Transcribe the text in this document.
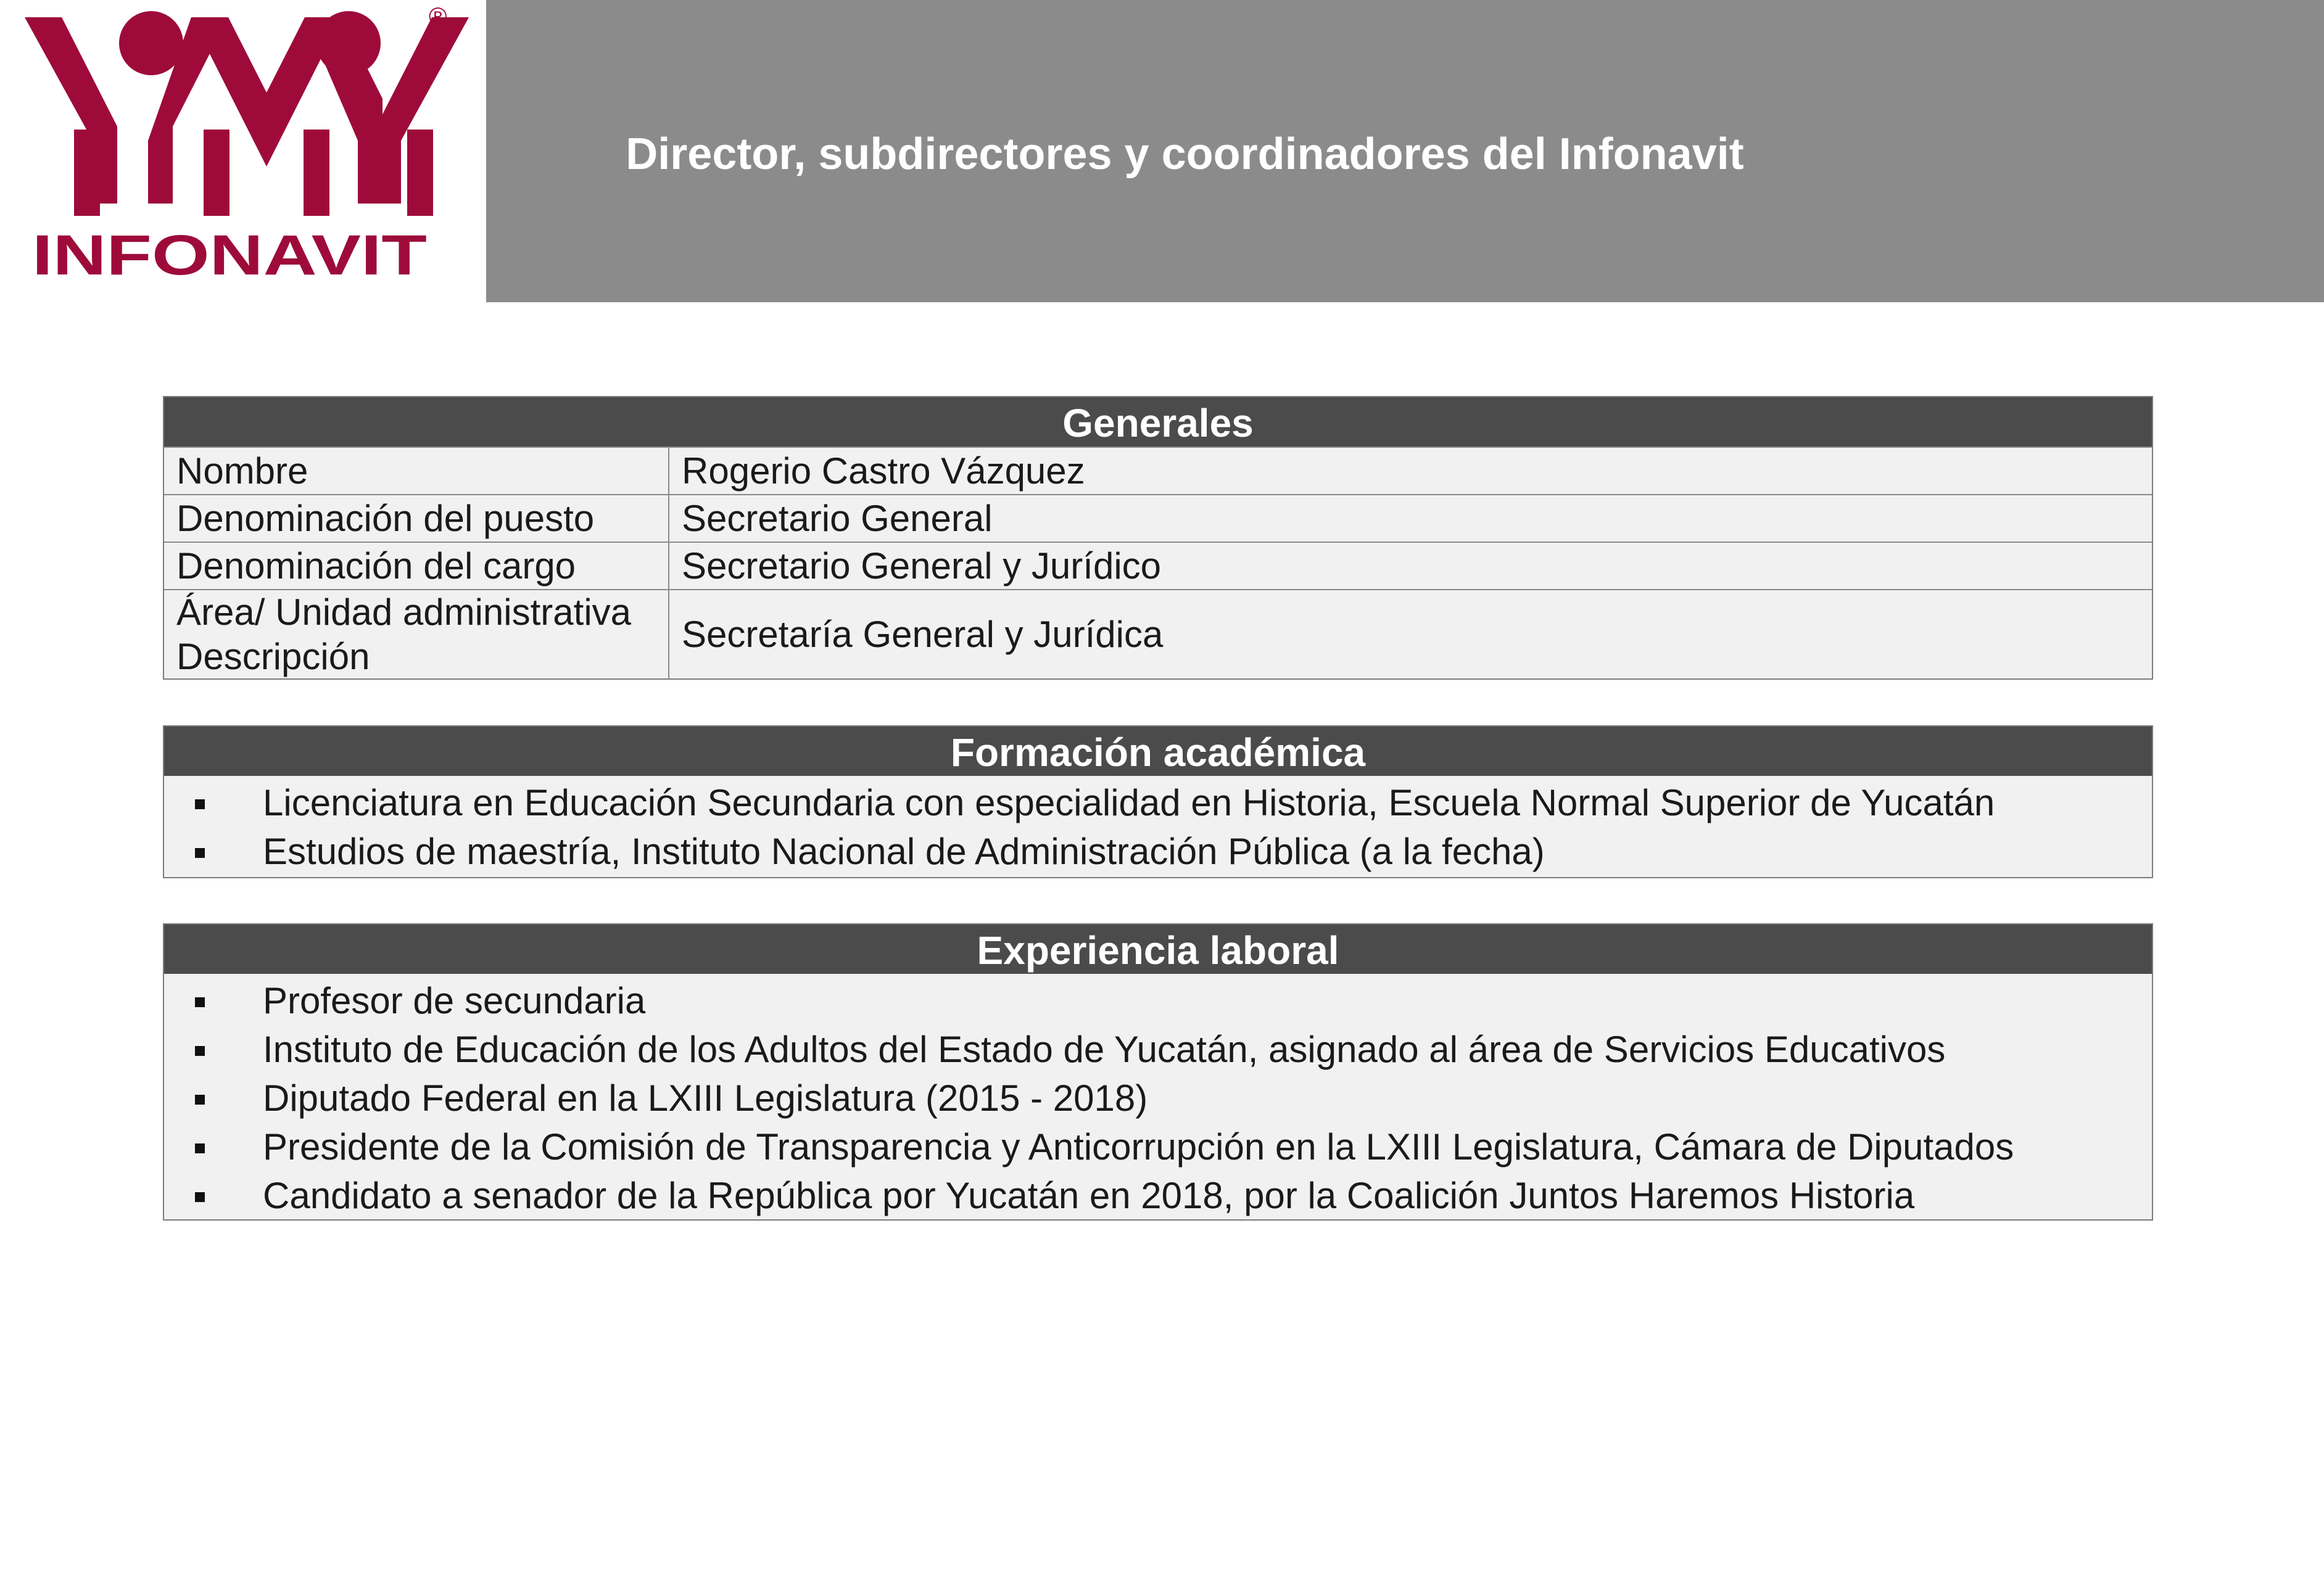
INFONAVIT
®
Director, subdirectores y coordinadores del Infonavit
Generales
Nombre	Rogerio Castro Vázquez
Denominación del puesto	Secretario General
Denominación del cargo	Secretario General y Jurídico

Área/ Unidad administrativa
Descripción	Secretaría General y Jurídica
Formación académica
Licenciatura en Educación Secundaria con especialidad en Historia, Escuela Normal Superior de Yucatán
Estudios de maestría, Instituto Nacional de Administración Pública (a la fecha)
Experiencia laboral
Profesor de secundaria
Instituto de Educación de los Adultos del Estado de Yucatán, asignado al área de Servicios Educativos
Diputado Federal en la LXIII Legislatura (2015 - 2018)
Presidente de la Comisión de Transparencia y Anticorrupción en la LXIII Legislatura, Cámara de Diputados
Candidato a senador de la República por Yucatán en 2018, por la Coalición Juntos Haremos Historia
